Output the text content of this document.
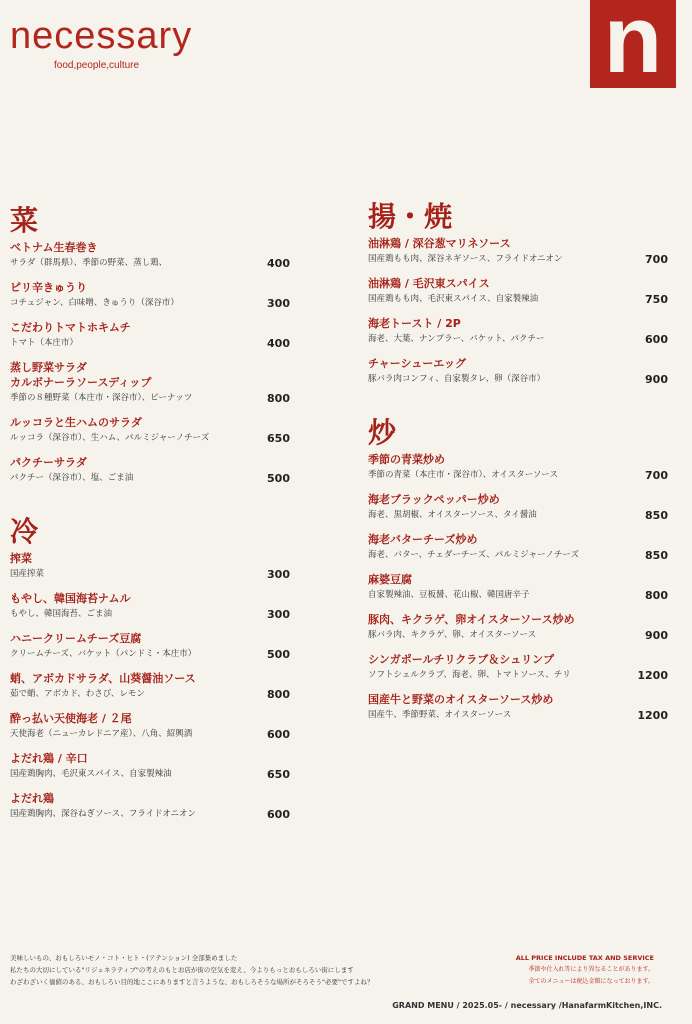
necessary
food,people,culture	n
菜
ベトナム生春巻き
サラダ（群馬県）、季節の野菜、蒸し鶏、	400
ピリ辛きゅうり
コチュジャン、白味噌、きゅうり（深谷市）	300
こだわりトマトホキムチ
トマト（本庄市）	400
蒸し野菜サラダ
カルボナーラソースディップ
季節の８種野菜（本庄市・深谷市）、ピーナッツ	800
ルッコラと生ハムのサラダ
ルッコラ（深谷市）、生ハム、パルミジャーノチーズ	650
パクチーサラダ
パクチー（深谷市）、塩、ごま油	500
冷
搾菜
国産搾菜	300
もやし、韓国海苔ナムル
もやし、韓国海苔、ごま油	300
ハニークリームチーズ豆腐
クリームチーズ、バケット（パンドミ・本庄市）	500
蛸、アボカドサラダ、山葵醤油ソース
茹で蛸、アボカド、わさび、レモン	800
酔っ払い天使海老 / ２尾
天使海老（ニューカレドニア産）、八角、紹興酒	600
よだれ鶏 / 辛口
国産鶏胸肉、毛沢東スパイス、自家製辣油	650
よだれ鶏
国産鶏胸肉、深谷ねぎソース、フライドオニオン	600
揚・焼
油淋鶏 / 深谷葱マリネソース
国産鶏もも肉、深谷ネギソース、フライドオニオン	700
油淋鶏 / 毛沢東スパイス
国産鶏もも肉、毛沢東スパイス、自家製辣油	750
海老トースト / 2P
海老、大葉、ナンプラー、バケット、パクチー	600
チャーシューエッグ
豚バラ肉コンフィ、自家製タレ、卵（深谷市）	900
炒
季節の青菜炒め
季節の青菜（本庄市・深谷市）、オイスターソース	700
海老ブラックペッパー炒め
海老、黒胡椒、オイスターソース、タイ醤油	850
海老バターチーズ炒め
海老、バター、チェダーチーズ、パルミジャーノチーズ	850
麻婆豆腐
自家製辣油、豆板醤、花山椒、韓国唐辛子	800
豚肉、キクラゲ、卵オイスターソース炒め
豚バラ肉、キクラゲ、卵、オイスターソース	900
シンガポールチリクラブ＆シュリンプ
ソフトシェルクラブ、海老、卵、トマトソース、チリ	1200
国産牛と野菜のオイスターソース炒め
国産牛、季節野菜、オイスターソース	1200
美味しいもの、おもしろいモノ・コト・ヒト・(アテンション) 全部集めました
私たちの大切にしている"リジェネラティブ"の考えのもとお店が街の空気を変え、今よりもっとおもしろい街にします
わざわざいく価値のある、おもしろい目的地ここにありますと言うような、おもしろそうな場所がそろそう"必要"ですよね？
ALL PRICE INCLUDE TAX AND SERVICE
季節や仕入れ等により異なることがあります。
全てのメニューは税込金額になっております。
GRAND MENU / 2025.05- / necessary /HanafarmKitchen,INC.
